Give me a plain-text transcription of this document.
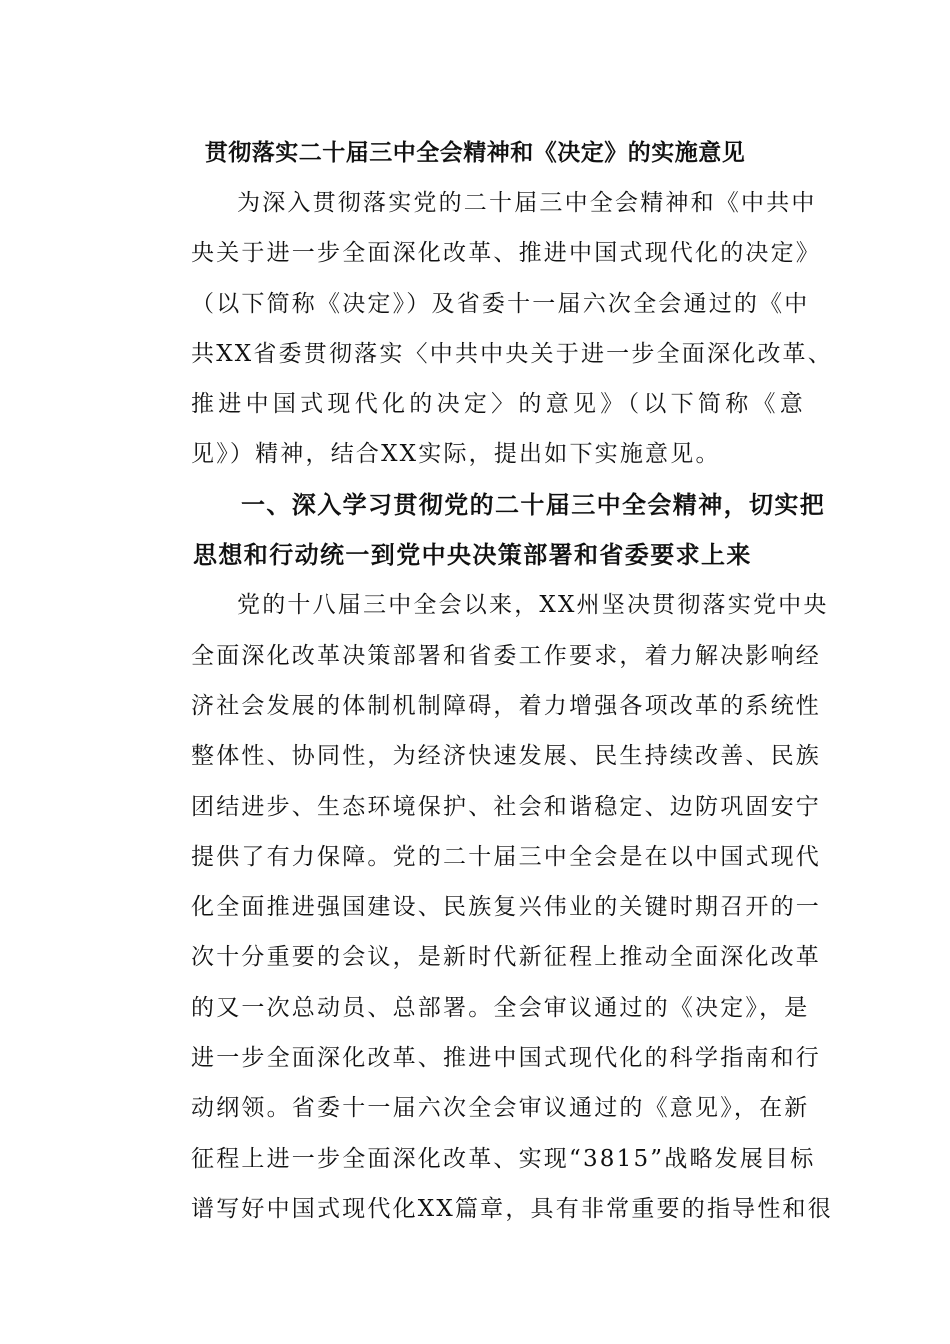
贯彻落实二十届三中全会精神和《决定》的实施意见
为深入贯彻落实党的二十届三中全会精神和《中共中
央关于进一步全面深化改革、推进中国式现代化的决定》
（以下简称《决定》）及省委十一届六次全会通过的《中
共XX省委贯彻落实〈中共中央关于进一步全面深化改革、
推进中国式现代化的决定〉的意见》（以下简称《意
见》）精神，结合XX实际，提出如下实施意见。
一、深入学习贯彻党的二十届三中全会精神，切实把
思想和行动统一到党中央决策部署和省委要求上来
党的十八届三中全会以来，XX州坚决贯彻落实党中央
全面深化改革决策部署和省委工作要求，着力解决影响经
济社会发展的体制机制障碍，着力增强各项改革的系统性
整体性、协同性，为经济快速发展、民生持续改善、民族
团结进步、生态环境保护、社会和谐稳定、边防巩固安宁
提供了有力保障。党的二十届三中全会是在以中国式现代
化全面推进强国建设、民族复兴伟业的关键时期召开的一
次十分重要的会议，是新时代新征程上推动全面深化改革
的又一次总动员、总部署。全会审议通过的《决定》，是
进一步全面深化改革、推进中国式现代化的科学指南和行
动纲领。省委十一届六次全会审议通过的《意见》，在新
征程上进一步全面深化改革、实现“3815”战略发展目标
谱写好中国式现代化XX篇章，具有非常重要的指导性和很
